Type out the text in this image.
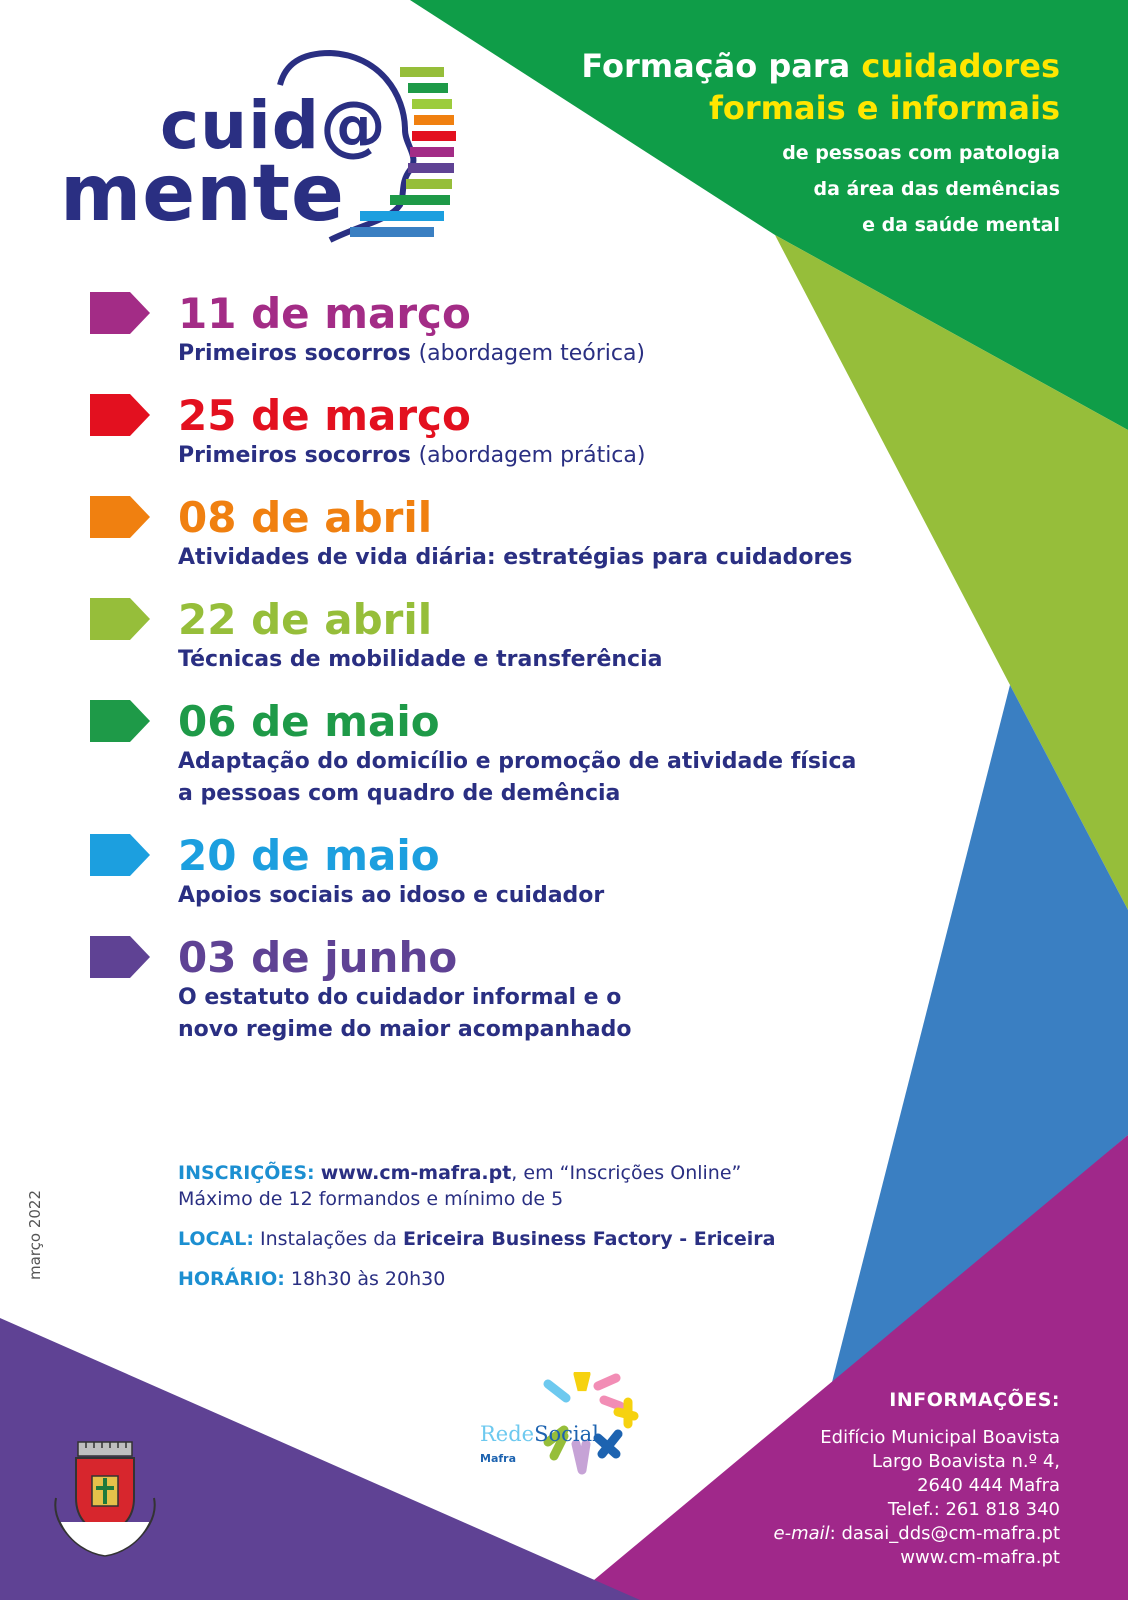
cuid@
mente
Formação para cuidadores
formais e informais
de pessoas com patologia
da área das demências
e da saúde mental
11 de março
Primeiros socorros (abordagem teórica)
25 de março
Primeiros socorros (abordagem prática)
08 de abril
Atividades de vida diária: estratégias para cuidadores
22 de abril
Técnicas de mobilidade e transferência
06 de maio
Adaptação do domicílio e promoção de atividade física
a pessoas com quadro de demência
20 de maio
Apoios sociais ao idoso e cuidador
03 de junho
O estatuto do cuidador informal e o
novo regime do maior acompanhado
INSCRIÇÕES: www.cm-mafra.pt, em “Inscrições Online”
Máximo de 12 formandos e mínimo de 5
LOCAL: Instalações da Ericeira Business Factory - Ericeira
HORÁRIO: 18h30 às 20h30
março 2022
INFORMAÇÕES:
Edifício Municipal Boavista
Largo Boavista n.º 4,
2640 444 Mafra
Telef.: 261 818 340
e-mail: dasai_dds@cm-mafra.pt
www.cm-mafra.pt
RedeSocial
Mafra
